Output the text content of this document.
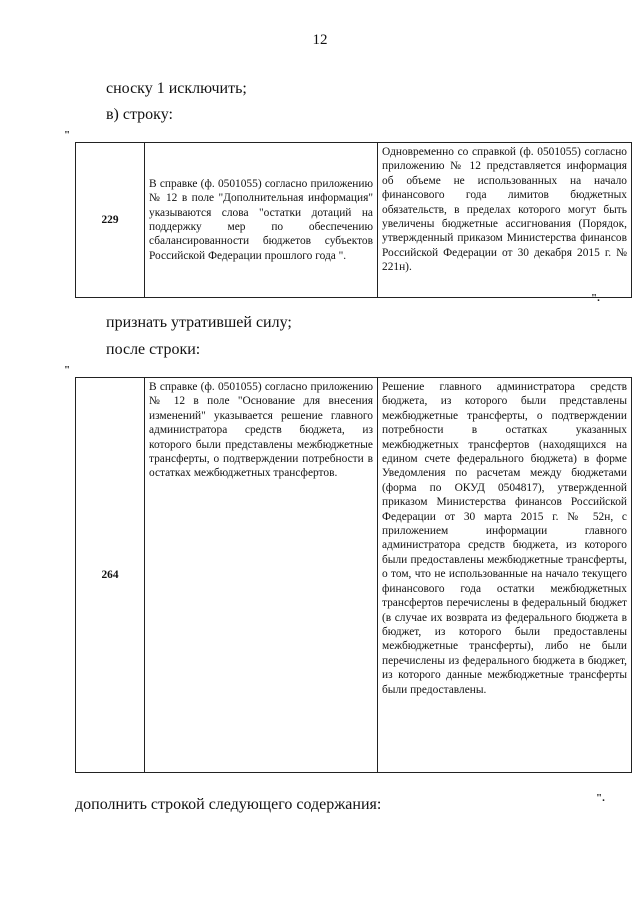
12
сноску 1 исключить;
в) строку:
"
229	В справке (ф. 0501055) согласно приложению № 12 в поле "Дополнительная информация" указываются слова "остатки дотаций на поддержку мер по обеспечению сбалансированности бюджетов субъектов Российской Федерации прошлого года ".	Одновременно со справкой (ф. 0501055) согласно приложению № 12 представляется информация об объеме не использованных на начало финансового года лимитов бюджетных обязательств, в пределах которого могут быть увеличены бюджетные ассигнования (Порядок, утвержденный приказом Министерства финансов Российской Федерации от 30 декабря 2015 г. № 221н).
".
признать утратившей силу;
после строки:
"
264	В справке (ф. 0501055) согласно приложению № 12 в поле "Основание для внесения изменений" указывается решение главного администратора средств бюджета, из которого были представлены межбюджетные трансферты, о подтверждении потребности в остатках межбюджетных трансфертов.	Решение главного администратора средств бюджета, из которого были представлены межбюджетные трансферты, о подтверждении потребности в остатках указанных межбюджетных трансфертов (находящихся на едином счете федерального бюджета) в форме Уведомления по расчетам между бюджетами (форма по ОКУД 0504817), утвержденной приказом Министерства финансов Российской Федерации от 30 марта 2015 г. № 52н, с приложением информации главного администратора средств бюджета, из которого были предоставлены межбюджетные трансферты, о том, что не использованные на начало текущего финансового года остатки межбюджетных трансфертов перечислены в федеральный бюджет (в случае их возврата из федерального бюджета в бюджет, из которого были предоставлены межбюджетные трансферты), либо не были перечислены из федерального бюджета в бюджет, из которого данные межбюджетные трансферты были предоставлены.
".
дополнить строкой следующего содержания:
